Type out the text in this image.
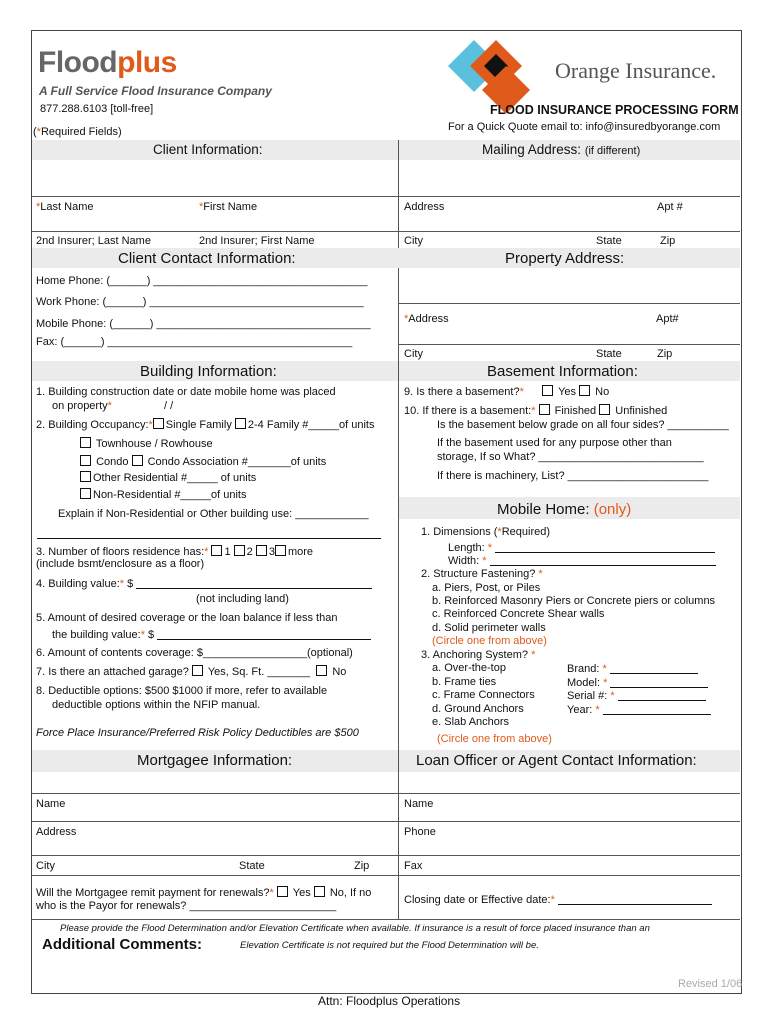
Floodplus
A Full Service Flood Insurance Company
877.288.6103 [toll-free]
(*Required Fields)
Orange Insurance.
FLOOD INSURANCE PROCESSING FORM
For a Quick Quote email to: info@insuredbyorange.com
Client Information:	Mailing Address: (if different)
*Last Name	*First Name	Address	Apt #
2nd Insurer; Last Name	2nd Insurer; First Name	City	State	Zip
Client Contact Information:	Property Address:
Home Phone: (______) ___________________________________
Work Phone: (______) ___________________________________
*Address	Apt#
Mobile Phone: (______) ___________________________________
Fax: (______) ________________________________________
City	State	Zip
Building Information:	Basement Information:
1. Building construction date or date mobile home was placed
on property*	/ /
2. Building Occupancy:* Single Family 2-4 Family #_____of units
Townhouse / Rowhouse
Condo Condo Association #_______of units
Other Residential #_____ of units
Non-Residential #_____of units
Explain if Non-Residential or Other building use: ____________
3. Number of floors residence has:* 1 2 3 more
(include bsmt/enclosure as a floor)
4. Building value:* $
(not including land)
5. Amount of desired coverage or the loan balance if less than
the building value:* $
6. Amount of contents coverage: $_________________(optional)
7. Is there an attached garage? Yes, Sq. Ft. _______ No
8. Deductible options: $500 $1000 if more, refer to available
deductible options within the NFIP manual.
Force Place Insurance/Preferred Risk Policy Deductibles are $500
9. Is there a basement?*	Yes No
10. If there is a basement:* Finished Unfinished
Is the basement below grade on all four sides? __________
If the basement used for any purpose other than
storage, If so What? ___________________________
If there is machinery, List? _______________________
Mobile Home: (only)
1. Dimensions (*Required)
Length: *
Width: *
2. Structure Fastening? *
a. Piers, Post, or Piles
b. Reinforced Masonry Piers or Concrete piers or columns
c. Reinforced Concrete Shear walls
d. Solid perimeter walls
(Circle one from above)
3. Anchoring System? *
a. Over-the-top
b. Frame ties
c. Frame Connectors
d. Ground Anchors
e. Slab Anchors
Brand: *
Model: *
Serial #: *
Year: *
(Circle one from above)
Mortgagee Information:	Loan Officer or Agent Contact Information:
Name	Name
Address	Phone
City	State	Zip	Fax
Will the Mortgagee remit payment for renewals?* Yes No, If no
who is the Payor for renewals? ________________________	Closing date or Effective date:*
Please provide the Flood Determination and/or Elevation Certificate when available. If insurance is a result of force placed insurance than an
Additional Comments:	Elevation Certificate is not required but the Flood Determination will be.
Revised 1/06
Attn: Floodplus Operations
